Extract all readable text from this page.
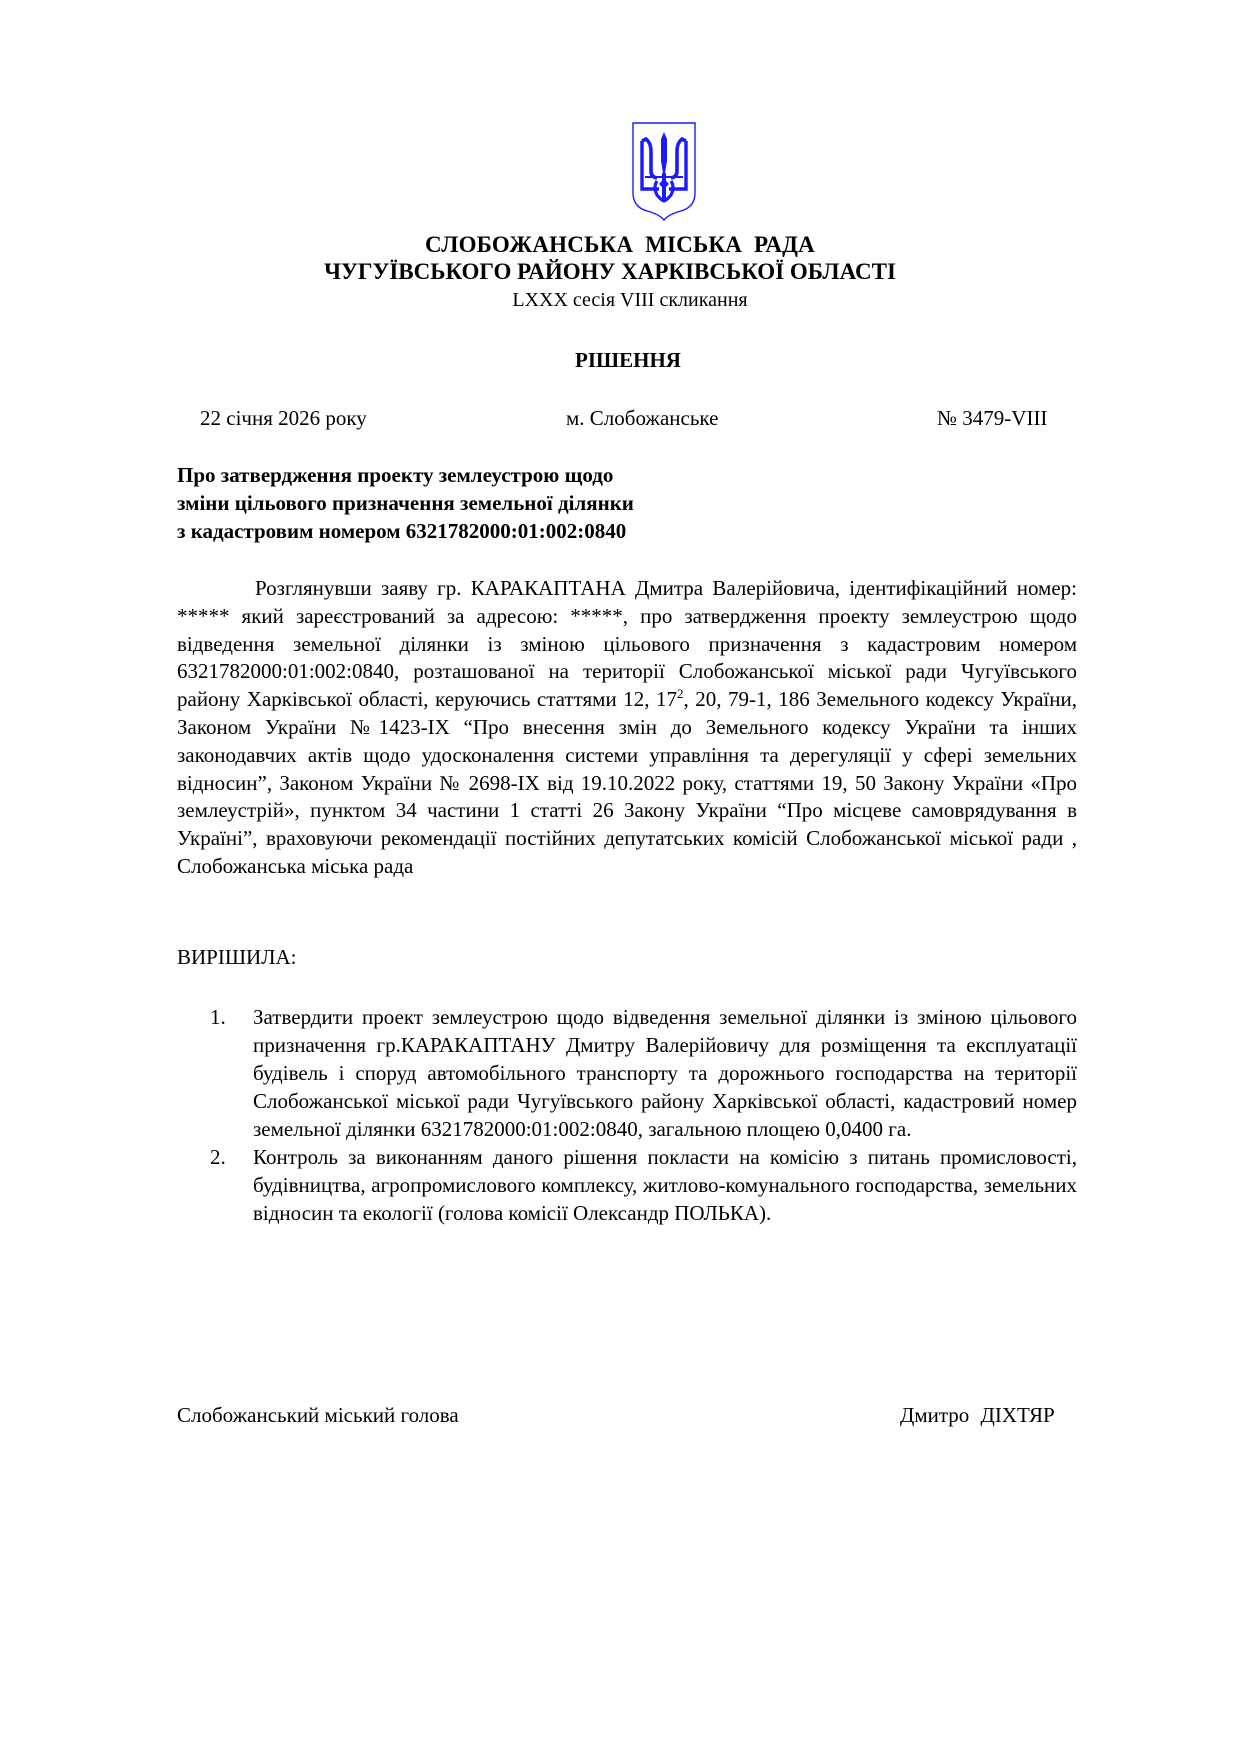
СЛОБОЖАНСЬКА МІСЬКА РАДА
ЧУГУЇВСЬКОГО РАЙОНУ ХАРКІВСЬКОЇ ОБЛАСТІ
LXXX сесія VIII скликання
РІШЕННЯ
22 січня 2026 року	м. Слобожанське	№ 3479-VIII
Про затвердження проекту землеустрою щодо
зміни цільового призначення земельної ділянки
з кадастровим номером 6321782000:01:002:0840

Розглянувши заяву гр. КАРАКАПТАНА Дмитра Валерійовича, ідентифікаційний номер: ***** який зареєстрований за адресою: *****, про затвердження проекту землеустрою щодо відведення земельної ділянки із зміною цільового призначення з кадастровим номером 6321782000:01:002:0840, розташованої на території Слобожанської міської ради Чугуївського району Харківської області, керуючись статтями 12, $17^2$, 20, 79-1, 186 Земельного кодексу України, Законом України №1423-IX “Про внесення змін до Земельного кодексу України та інших законодавчих актів щодо удосконалення системи управління та дерегуляції у сфері земельних відносин”, Законом України № 2698-IX від 19.10.2022 року, статтями 19, 50 Закону України «Про землеустрій», пунктом 34 частини 1 статті 26 Закону України “Про місцеве самоврядування в Україні”, враховуючи рекомендації постійних депутатських комісій Слобожанської міської ради , Слобожанська міська рада

ВИРІШИЛА:
1. Затвердити проект землеустрою щодо відведення земельної ділянки із зміною цільового призначення гр.КАРАКАПТАНУ Дмитру Валерійовичу для розміщення та експлуатації будівель і споруд автомобільного транспорту та дорожнього господарства на території Слобожанської міської ради Чугуївського району Харківської області, кадастровий номер земельної ділянки 6321782000:01:002:0840, загальною площею 0,0400 га.
2. Контроль за виконанням даного рішення покласти на комісію з питань промисловості, будівництва, агропромислового комплексу, житлово-комунального господарства, земельних відносин та екології (голова комісії Олександр ПОЛЬКА).
Слобожанський міський голова	Дмитро ДІХТЯР
